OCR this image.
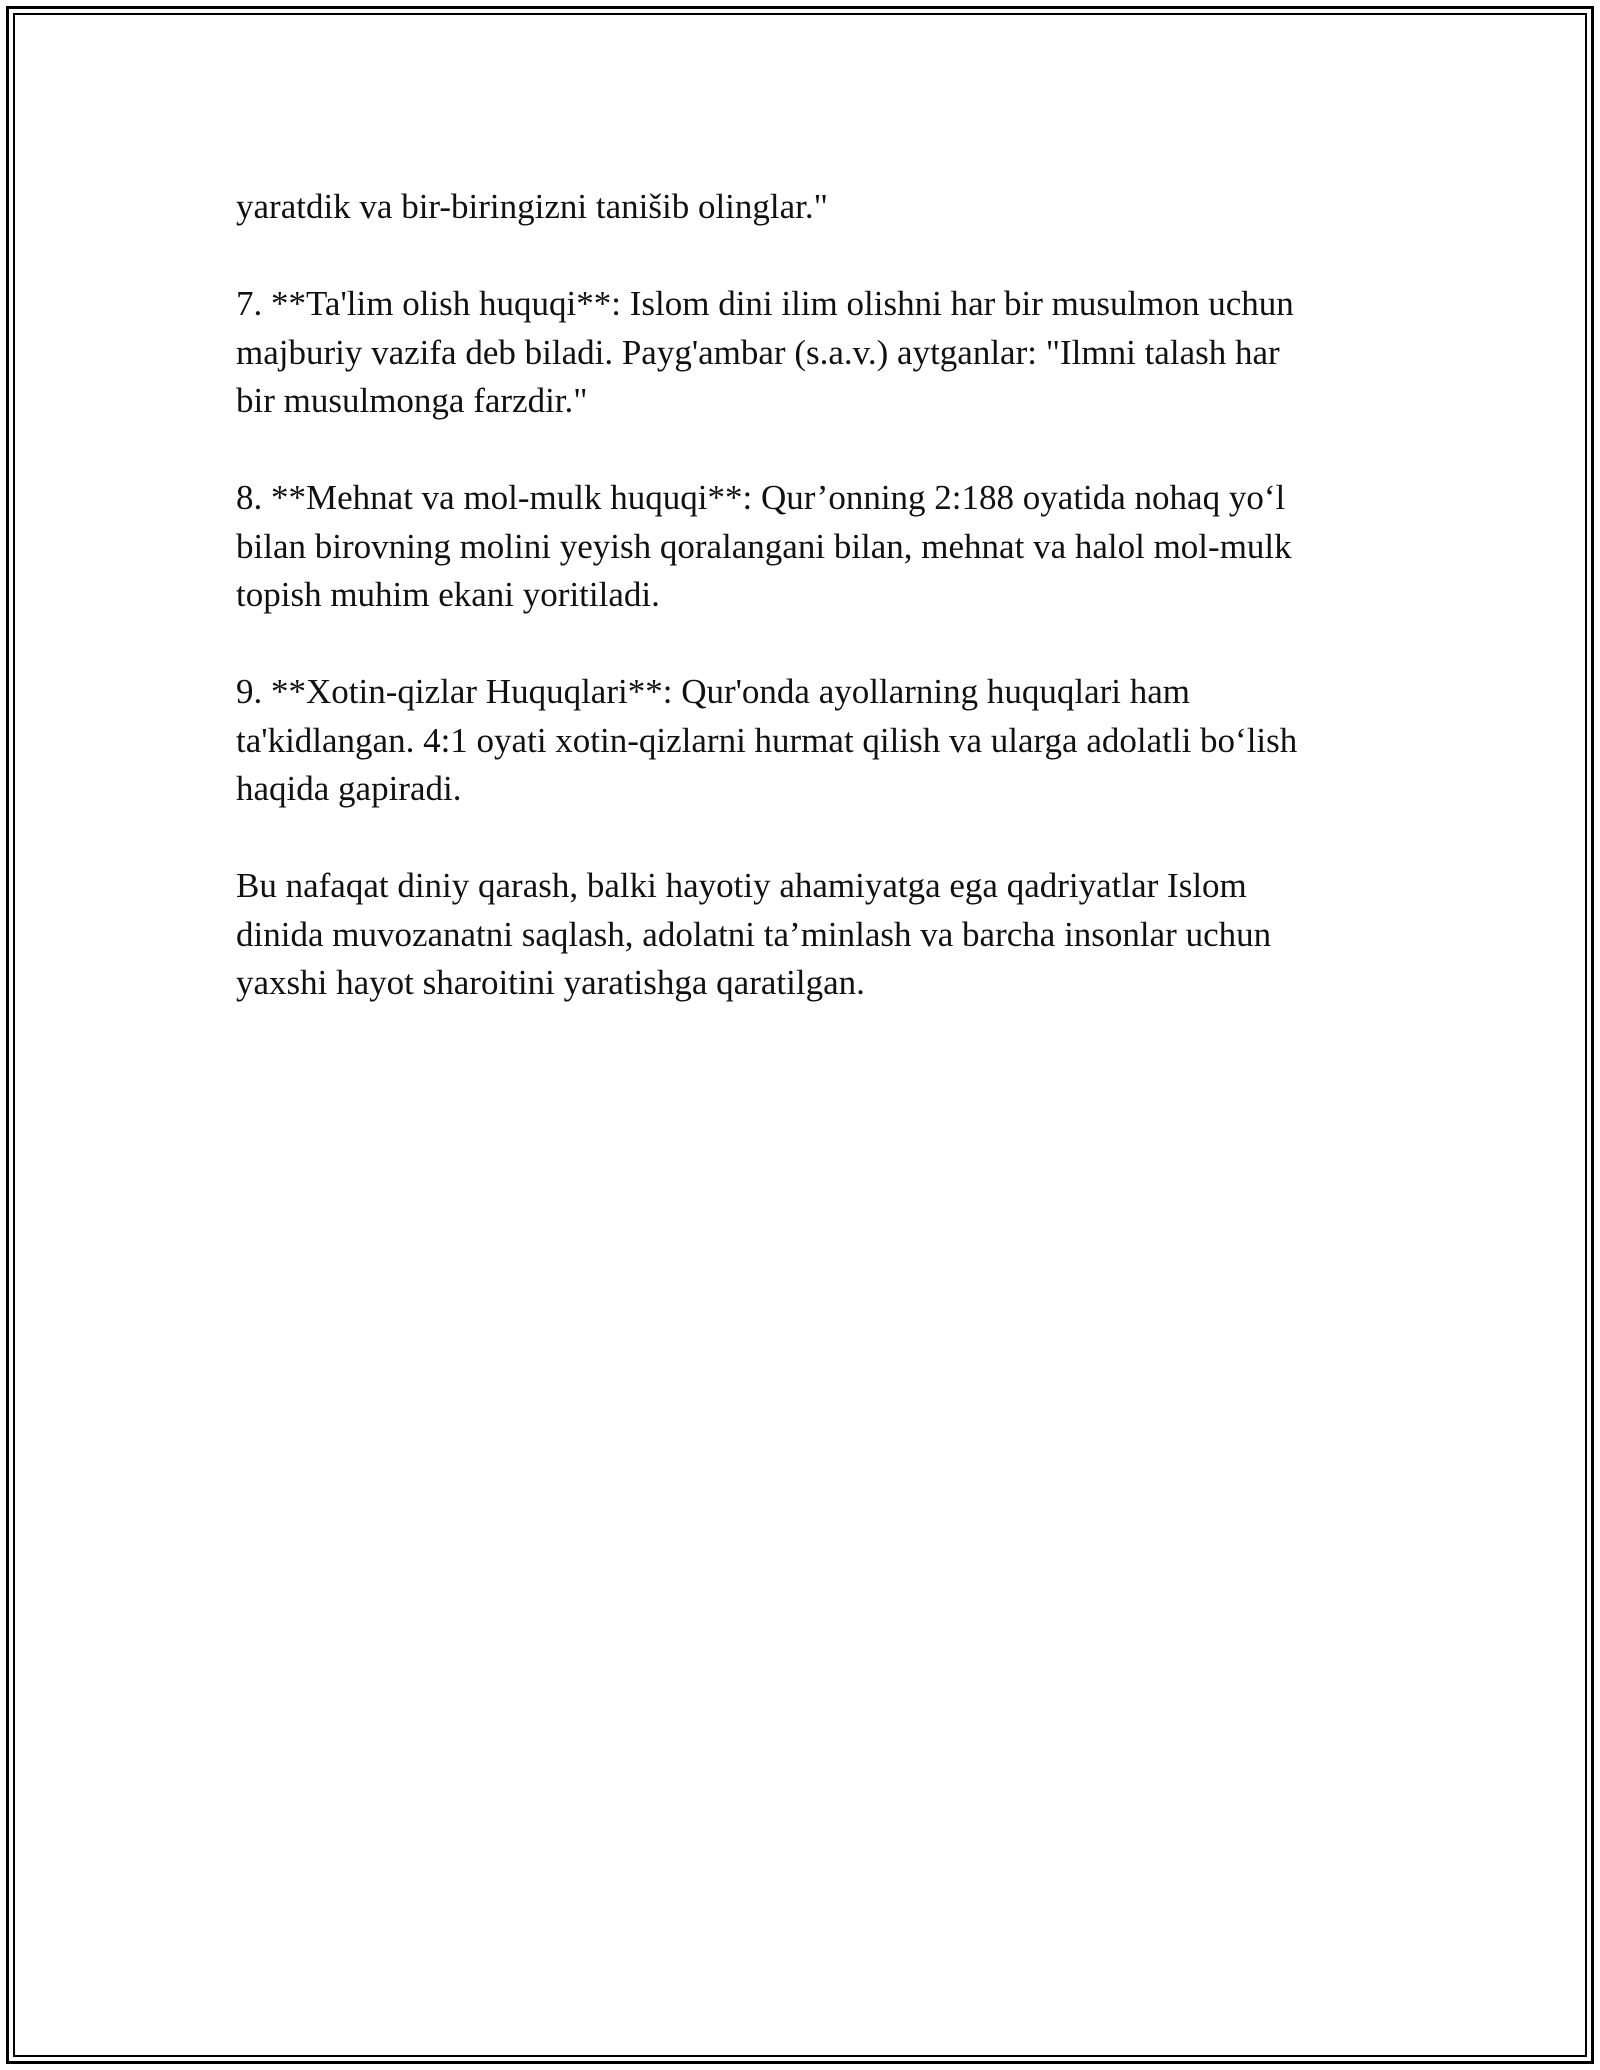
yaratdik va bir-biringizni tanišib olinglar."

7. **Ta'lim olish huquqi**: Islom dini ilim olishni har bir musulmon uchun
majburiy vazifa deb biladi. Payg'ambar (s.a.v.) aytganlar: "Ilmni talash har
bir musulmonga farzdir."

8. **Mehnat va mol-mulk huquqi**: Qur’onning 2:188 oyatida nohaq yo‘l
bilan birovning molini yeyish qoralangani bilan, mehnat va halol mol-mulk
topish muhim ekani yoritiladi.

9. **Xotin-qizlar Huquqlari**: Qur'onda ayollarning huquqlari ham
ta'kidlangan. 4:1 oyati xotin-qizlarni hurmat qilish va ularga adolatli bo‘lish
haqida gapiradi.

Bu nafaqat diniy qarash, balki hayotiy ahamiyatga ega qadriyatlar Islom
dinida muvozanatni saqlash, adolatni ta’minlash va barcha insonlar uchun
yaxshi hayot sharoitini yaratishga qaratilgan.
